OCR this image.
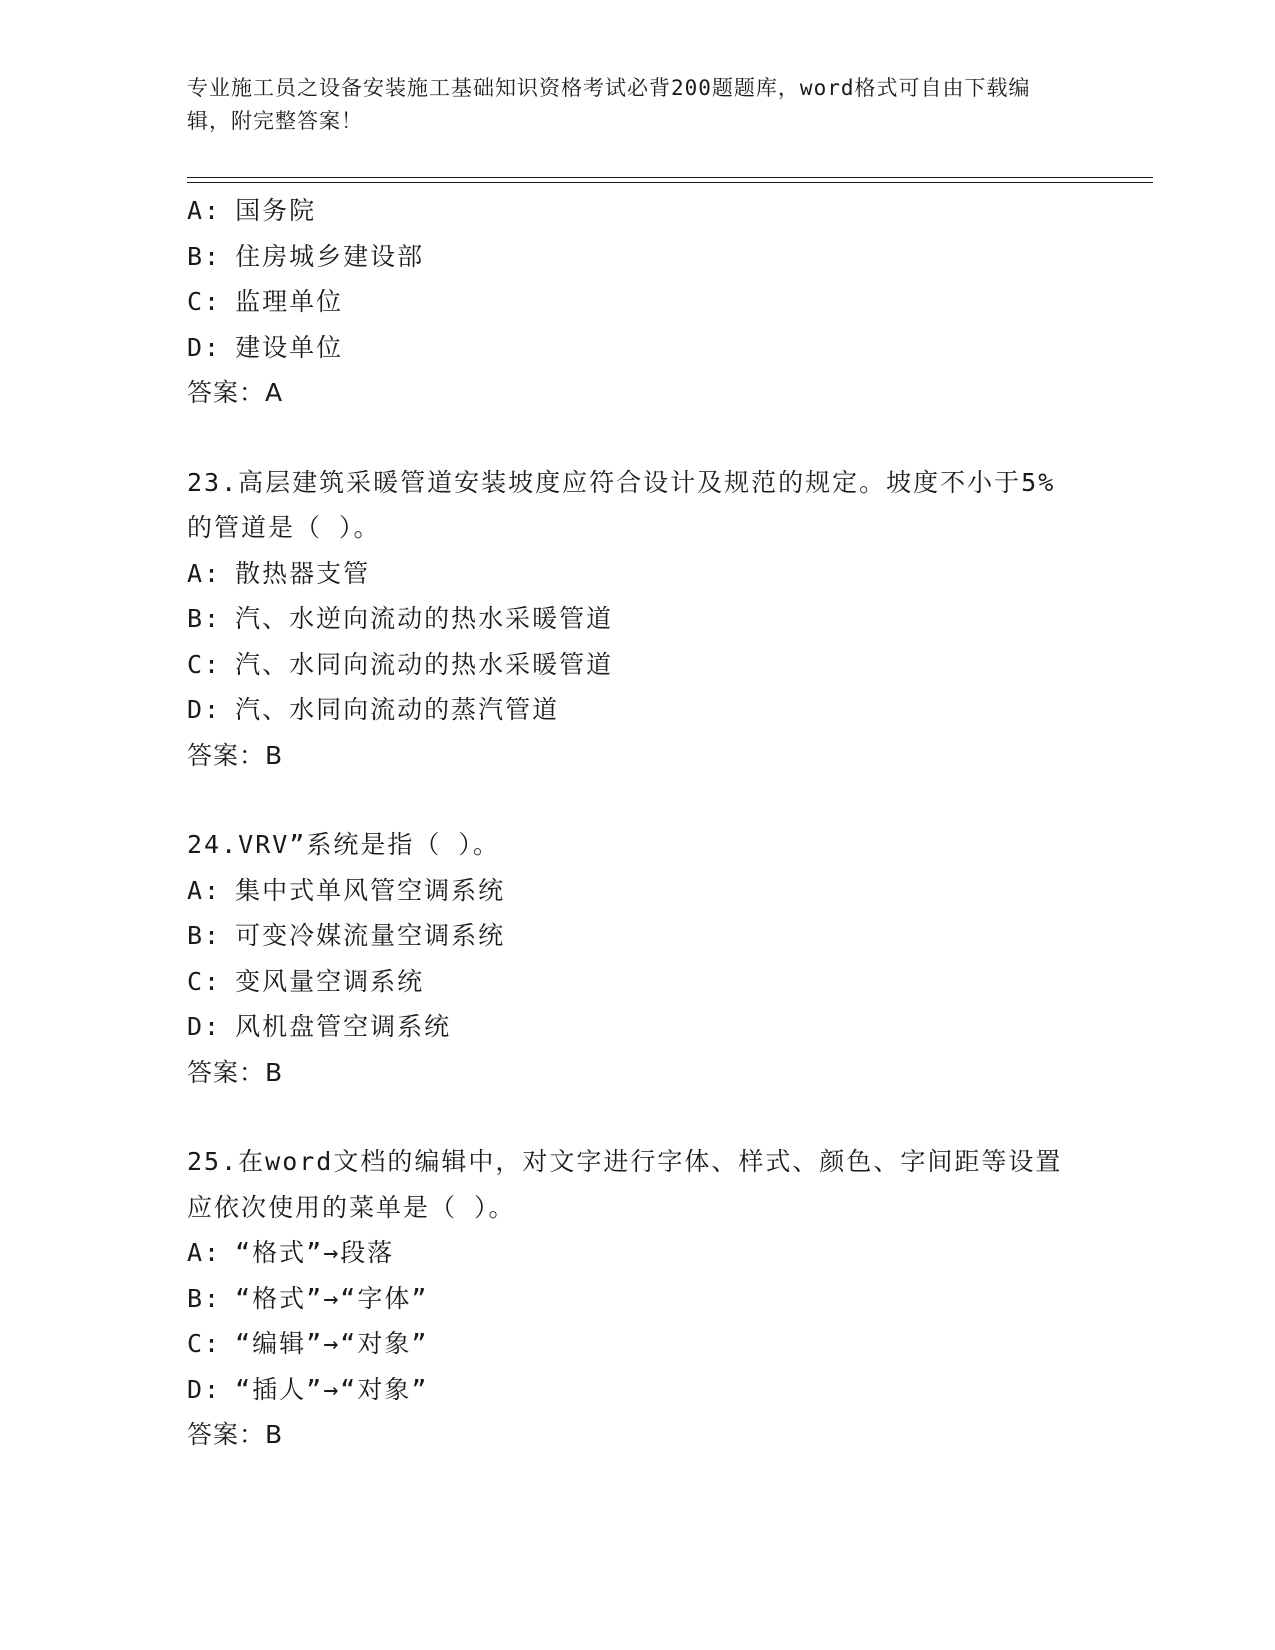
专业施工员之设备安装施工基础知识资格考试必背200题题库，word格式可自由下载编辑，附完整答案！
A: 国务院
B: 住房城乡建设部
C: 监理单位
D: 建设单位
答案：A
23.高层建筑采暖管道安装坡度应符合设计及规范的规定。坡度不小于5%的管道是（ ）。
A: 散热器支管
B: 汽、水逆向流动的热水采暖管道
C: 汽、水同向流动的热水采暖管道
D: 汽、水同向流动的蒸汽管道
答案：B
24.VRV”系统是指（ ）。
A: 集中式单风管空调系统
B: 可变冷媒流量空调系统
C: 变风量空调系统
D: 风机盘管空调系统
答案：B
25.在word文档的编辑中，对文字进行字体、样式、颜色、字间距等设置应依次使用的菜单是（ ）。
A: “格式”→段落
B: “格式”→“字体”
C: “编辑”→“对象”
D: “插人”→“对象”
答案：B
